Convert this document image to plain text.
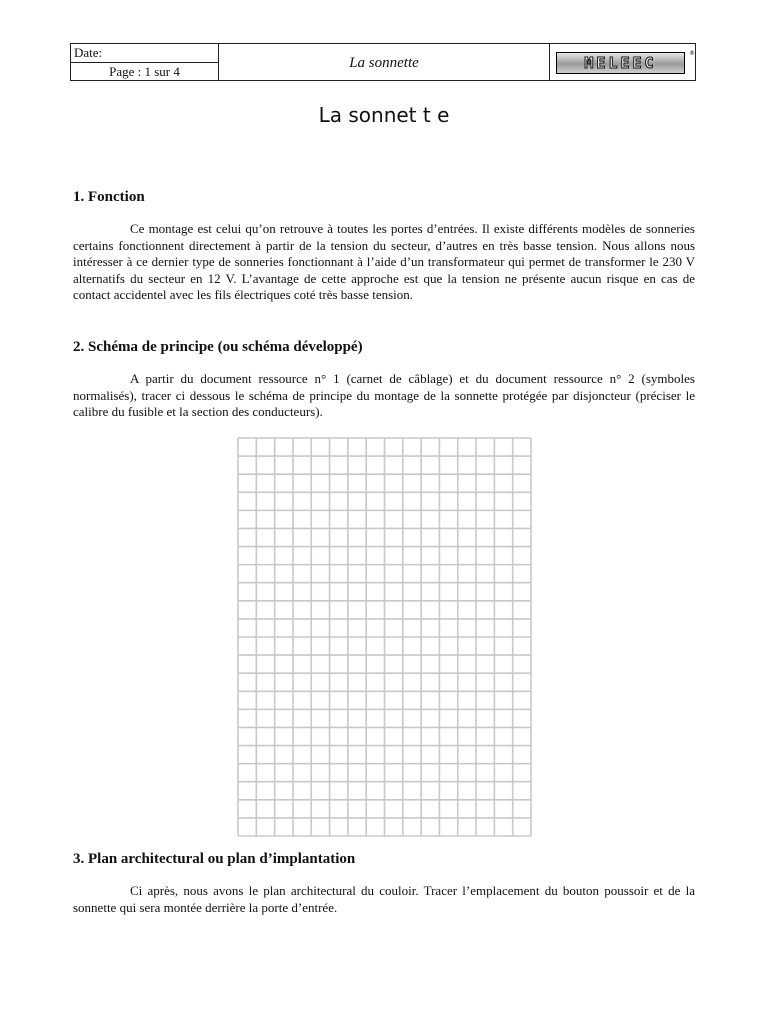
Date:
Page : 1 sur 4
La sonnette	MELEEC
®
La sonnet t e
1. Fonction

Ce montage est celui qu’on retrouve à toutes les portes d’entrées. Il existe différents modèles de sonneries certains fonctionnent directement à partir de la tension du secteur, d’autres en très basse tension. Nous allons nous intéresser à ce dernier type de sonneries fonctionnant à l’aide d’un transformateur qui permet de transformer le 230 V alternatifs du secteur en 12 V. L’avantage de cette approche est que la tension ne présente aucun risque en cas de contact accidentel avec les fils électriques coté très basse tension.

2. Schéma de principe (ou schéma développé)

A partir du document ressource n° 1 (carnet de câblage) et du document ressource n° 2 (symboles normalisés), tracer ci dessous le schéma de principe du montage de la sonnette protégée par disjoncteur (préciser le calibre du fusible et la section des conducteurs).

3. Plan architectural ou plan d’implantation

Ci après, nous avons le plan architectural du couloir. Tracer l’emplacement du bouton poussoir et de la sonnette qui sera montée derrière la porte d’entrée.
